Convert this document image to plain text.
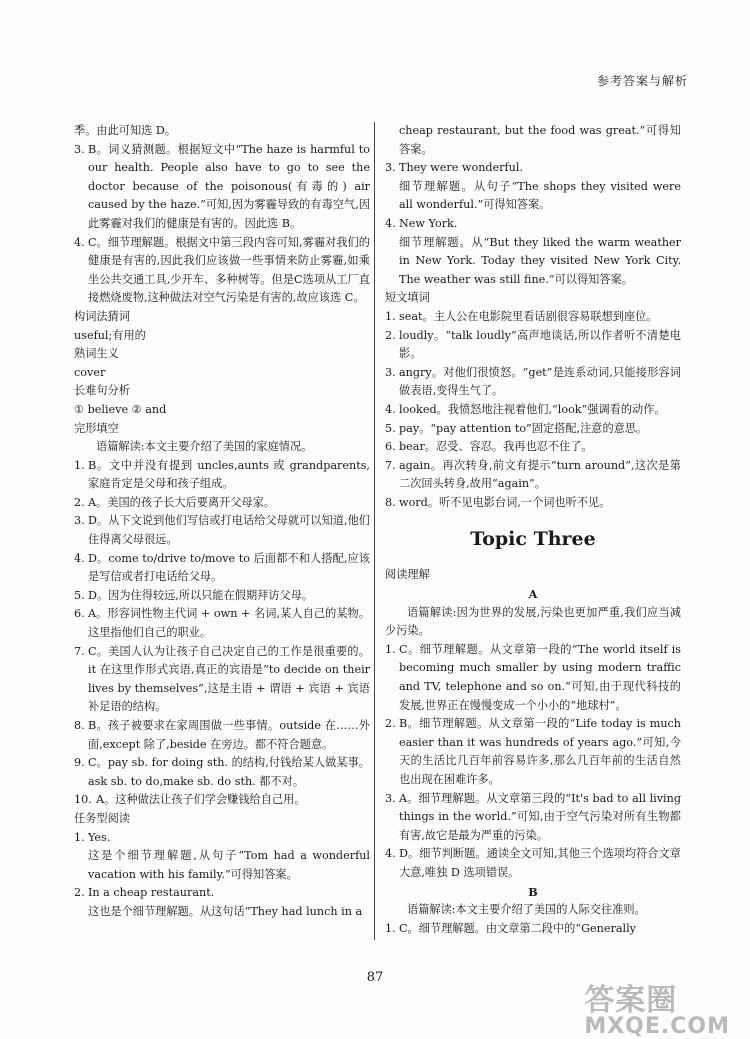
参考答案与解析

季。由此可知选 D。

3. B。词义猜测题。根据短文中“The haze is harmful to our health. People also have to go to see the doctor because of the poisonous(有毒的) air caused by the haze.”可知,因为雾霾导致的有毒空气,因此雾霾对我们的健康是有害的。因此选 B。
4. C。细节理解题。根据文中第三段内容可知,雾霾对我们的健康是有害的,因此我们应该做一些事情来防止雾霾,如乘坐公共交通工具,少开车、多种树等。但是C选项从工厂直接燃烧废物,这种做法对空气污染是有害的,故应该选 C。

构词法猜词

useful;有用的

熟词生义

cover

长难句分析

① believe ② and

完形填空

语篇解读:本文主要介绍了美国的家庭情况。

1. B。文中并没有提到 uncles,aunts 或 grandparents,家庭肯定是父母和孩子组成。
2. A。美国的孩子长大后要离开父母家。
3. D。从下文说到他们写信或打电话给父母就可以知道,他们住得离父母很远。
4. D。come to/drive to/move to 后面都不和人搭配,应该是写信或者打电话给父母。
5. D。因为住得较远,所以只能在假期拜访父母。
6. A。形容词性物主代词 + own + 名词,某人自己的某物。这里指他们自己的职业。
7. C。美国人认为让孩子自己决定自己的工作是很重要的。it 在这里作形式宾语,真正的宾语是“to decide on their lives by themselves”,这是主语 + 谓语 + 宾语 + 宾语补足语的结构。
8. B。孩子被要求在家周围做一些事情。outside 在……外面,except 除了,beside 在旁边。都不符合题意。
9. C。pay sb. for doing sth. 的结构,付钱给某人做某事。ask sb. to do,make sb. do sth. 都不对。
10. A。这种做法让孩子们学会赚钱给自己用。

任务型阅读

1. Yes.

这是个细节理解题,从句子“Tom had a wonderful vacation with his family.”可得知答案。

2. In a cheap restaurant.

这也是个细节理解题。从这句话“They had lunch in a

cheap restaurant, but the food was great.”可得知答案。

3. They were wonderful.

细节理解题。从句子“The shops they visited were all wonderful.”可得知答案。

4. New York.

细节理解题。从“But they liked the warm weather in New York. Today they visited New York City. The weather was still fine.”可以得知答案。

短文填词

1. seat。主人公在电影院里看话剧很容易联想到座位。
2. loudly。“talk loudly”高声地谈话,所以作者听不清楚电影。
3. angry。对他们很愤怒。“get”是连系动词,只能接形容词做表语,变得生气了。
4. looked。我愤怒地注视着他们,“look”强调看的动作。
5. pay。“pay attention to”固定搭配,注意的意思。
6. bear。忍受、容忍。我再也忍不住了。
7. again。再次转身,前文有提示“turn around”,这次是第二次回头转身,故用“again”。
8. word。听不见电影台词,一个词也听不见。

Topic Three

阅读理解

A

语篇解读:因为世界的发展,污染也更加严重,我们应当减少污染。

1. C。细节理解题。从文章第一段的“The world itself is becoming much smaller by using modern traffic and TV, telephone and so on.”可知,由于现代科技的发展,世界正在慢慢变成一个小小的“地球村”。
2. B。细节理解题。从文章第一段的“Life today is much easier than it was hundreds of years ago.”可知,今天的生活比几百年前容易许多,那么几百年前的生活自然也出现在困难许多。
3. A。细节理解题。从文章第三段的“It's bad to all living things in the world.”可知,由于空气污染对所有生物都有害,故它是最为严重的污染。
4. D。细节判断题。通读全文可知,其他三个选项均符合文章大意,唯独 D 选项错误。

B

语篇解读:本文主要介绍了美国的人际交往准则。

1. C。细节理解题。由文章第二段中的“Generally
87
答案圈
MXQE.COM
